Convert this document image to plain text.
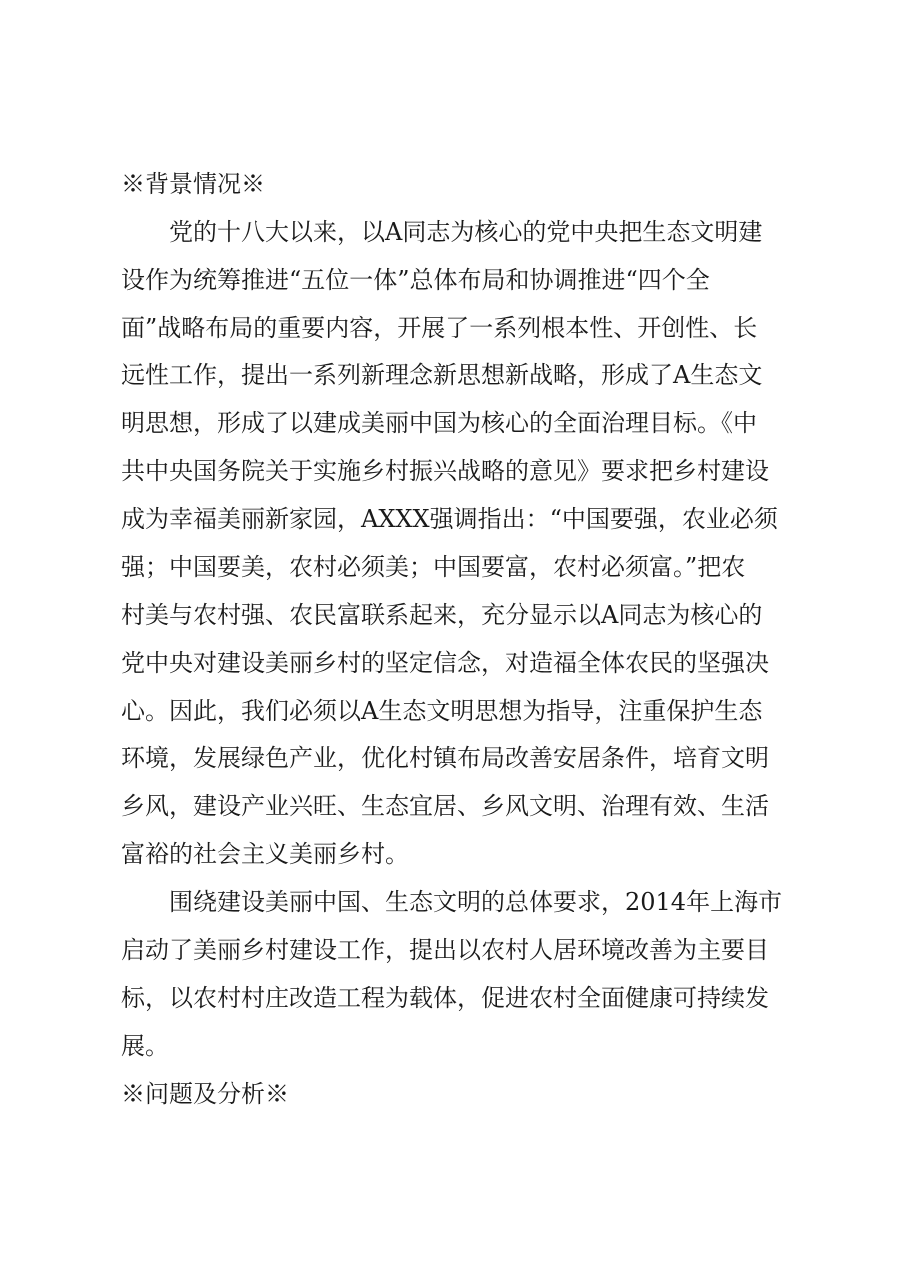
※背景情况※
党的十八大以来，以A同志为核心的党中央把生态文明建
设作为统筹推进“五位一体”总体布局和协调推进“四个全
面”战略布局的重要内容，开展了一系列根本性、开创性、长
远性工作，提出一系列新理念新思想新战略，形成了A生态文
明思想，形成了以建成美丽中国为核心的全面治理目标。《中
共中央国务院关于实施乡村振兴战略的意见》要求把乡村建设
成为幸福美丽新家园，AXXX强调指出：“中国要强，农业必须
强；中国要美，农村必须美；中国要富，农村必须富。”把农
村美与农村强、农民富联系起来，充分显示以A同志为核心的
党中央对建设美丽乡村的坚定信念，对造福全体农民的坚强决
心。因此，我们必须以A生态文明思想为指导，注重保护生态
环境，发展绿色产业，优化村镇布局改善安居条件，培育文明
乡风，建设产业兴旺、生态宜居、乡风文明、治理有效、生活
富裕的社会主义美丽乡村。
围绕建设美丽中国、生态文明的总体要求，2014年上海市
启动了美丽乡村建设工作，提出以农村人居环境改善为主要目
标，以农村村庄改造工程为载体，促进农村全面健康可持续发
展。
※问题及分析※
